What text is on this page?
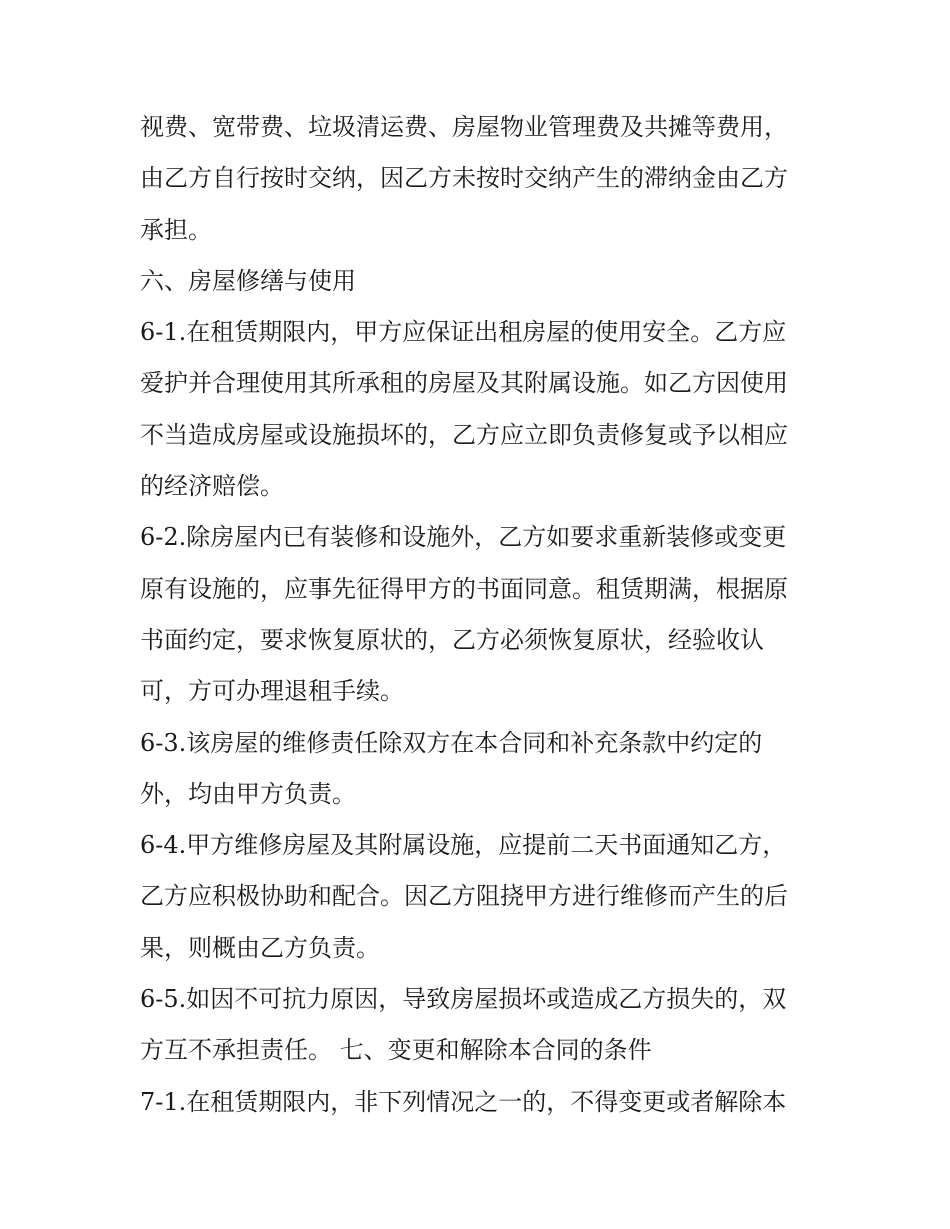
视费、宽带费、垃圾清运费、房屋物业管理费及共摊等费用，
由乙方自行按时交纳，因乙方未按时交纳产生的滞纳金由乙方
承担。
六、房屋修缮与使用
6-1.在租赁期限内，甲方应保证出租房屋的使用安全。乙方应
爱护并合理使用其所承租的房屋及其附属设施。如乙方因使用
不当造成房屋或设施损坏的，乙方应立即负责修复或予以相应
的经济赔偿。
6-2.除房屋内已有装修和设施外，乙方如要求重新装修或变更
原有设施的，应事先征得甲方的书面同意。租赁期满，根据原
书面约定，要求恢复原状的，乙方必须恢复原状，经验收认
可，方可办理退租手续。
6-3.该房屋的维修责任除双方在本合同和补充条款中约定的
外，均由甲方负责。
6-4.甲方维修房屋及其附属设施，应提前二天书面通知乙方，
乙方应积极协助和配合。因乙方阻挠甲方进行维修而产生的后
果，则概由乙方负责。
6-5.如因不可抗力原因，导致房屋损坏或造成乙方损失的，双
方互不承担责任。 七、变更和解除本合同的条件
7-1.在租赁期限内，非下列情况之一的，不得变更或者解除本
